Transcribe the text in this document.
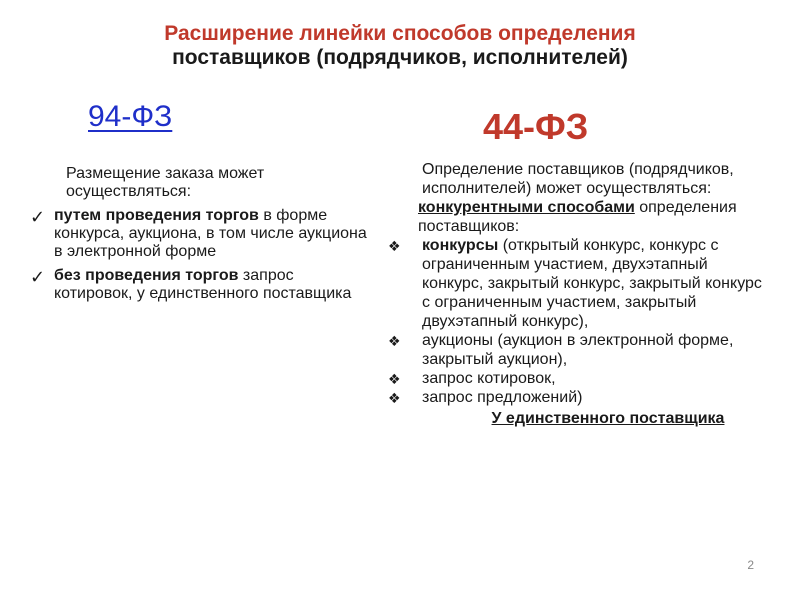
Расширение линейки способов определения
поставщиков (подрядчиков, исполнителей)
94-ФЗ	44-ФЗ
Размещение заказа может осуществляться:
✓ путем проведения торгов в форме конкурса, аукциона, в том числе аукциона в электронной форме
✓ без проведения торгов запрос котировок, у единственного поставщика
Определение поставщиков (подрядчиков, исполнителей) может осуществляться:
конкурентными способами определения поставщиков:
❖ конкурсы (открытый конкурс, конкурс с ограниченным участием, двухэтапный конкурс, закрытый конкурс, закрытый конкурс с ограниченным участием, закрытый двухэтапный конкурс),
❖ аукционы (аукцион в электронной форме, закрытый аукцион),
❖ запрос котировок,
❖ запрос предложений)
У единственного поставщика
2
